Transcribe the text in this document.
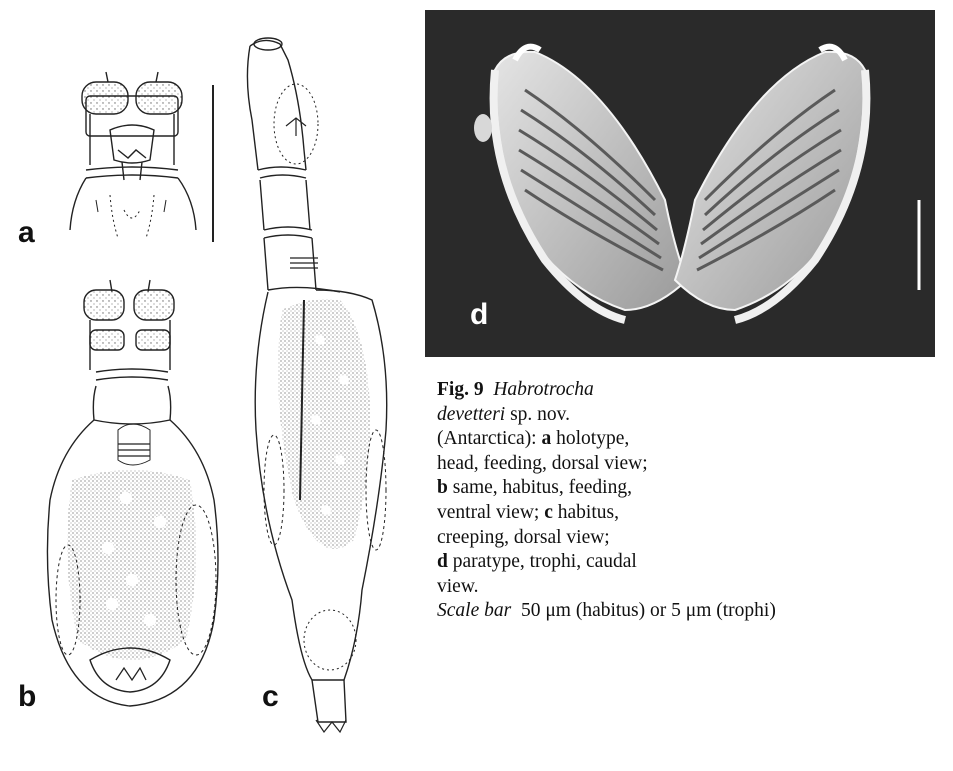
a
b	c
d
Fig. 9 Habrotrocha
devetteri sp. nov.
(Antarctica): a holotype,
head, feeding, dorsal view;
b same, habitus, feeding,
ventral view; c habitus,
creeping, dorsal view;
d paratype, trophi, caudal
view.
Scale bar  50 μm (habitus) or 5 μm (trophi)
